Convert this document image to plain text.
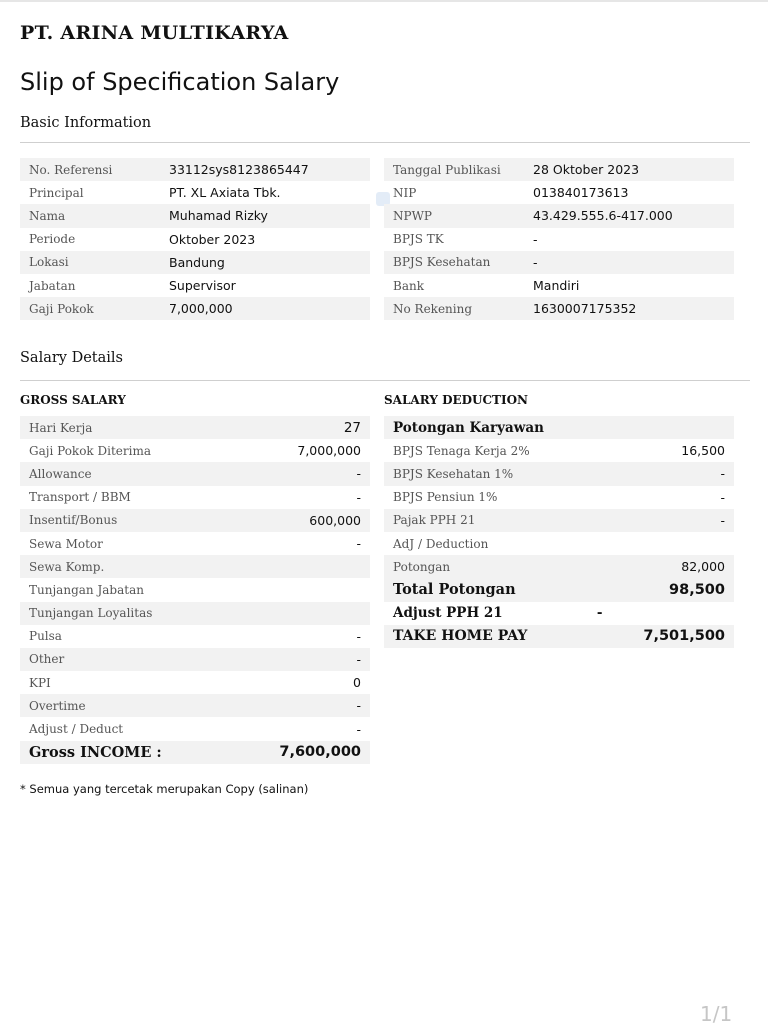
PT. ARINA MULTIKARYA
Slip of Specification Salary
Basic Information
No. Referensi	33112sys8123865447
Principal	PT. XL Axiata Tbk.
Nama	Muhamad Rizky
Periode	Oktober 2023
Lokasi	Bandung
Jabatan	Supervisor
Gaji Pokok	7,000,000
Tanggal Publikasi	28 Oktober 2023
NIP	013840173613
NPWP	43.429.555.6-417.000
BPJS TK	-
BPJS Kesehatan	-
Bank	Mandiri
No Rekening	1630007175352
Salary Details
GROSS SALARY	SALARY DEDUCTION
Hari Kerja	27
Gaji Pokok Diterima	7,000,000
Allowance	-
Transport / BBM	-
Insentif/Bonus	600,000
Sewa Motor	-
Sewa Komp.	
Tunjangan Jabatan	
Tunjangan Loyalitas	
Pulsa	-
Other	-
KPI	0
Overtime	-
Adjust / Deduct	-
Gross INCOME :	7,600,000
Potongan Karyawan	
BPJS Tenaga Kerja 2%	16,500
BPJS Kesehatan 1%	-
BPJS Pensiun 1%	-
Pajak PPH 21	-
AdJ / Deduction	
Potongan	82,000
Total Potongan	98,500
Adjust PPH 21	-
TAKE HOME PAY	7,501,500
* Semua yang tercetak merupakan Copy (salinan)
1/1
